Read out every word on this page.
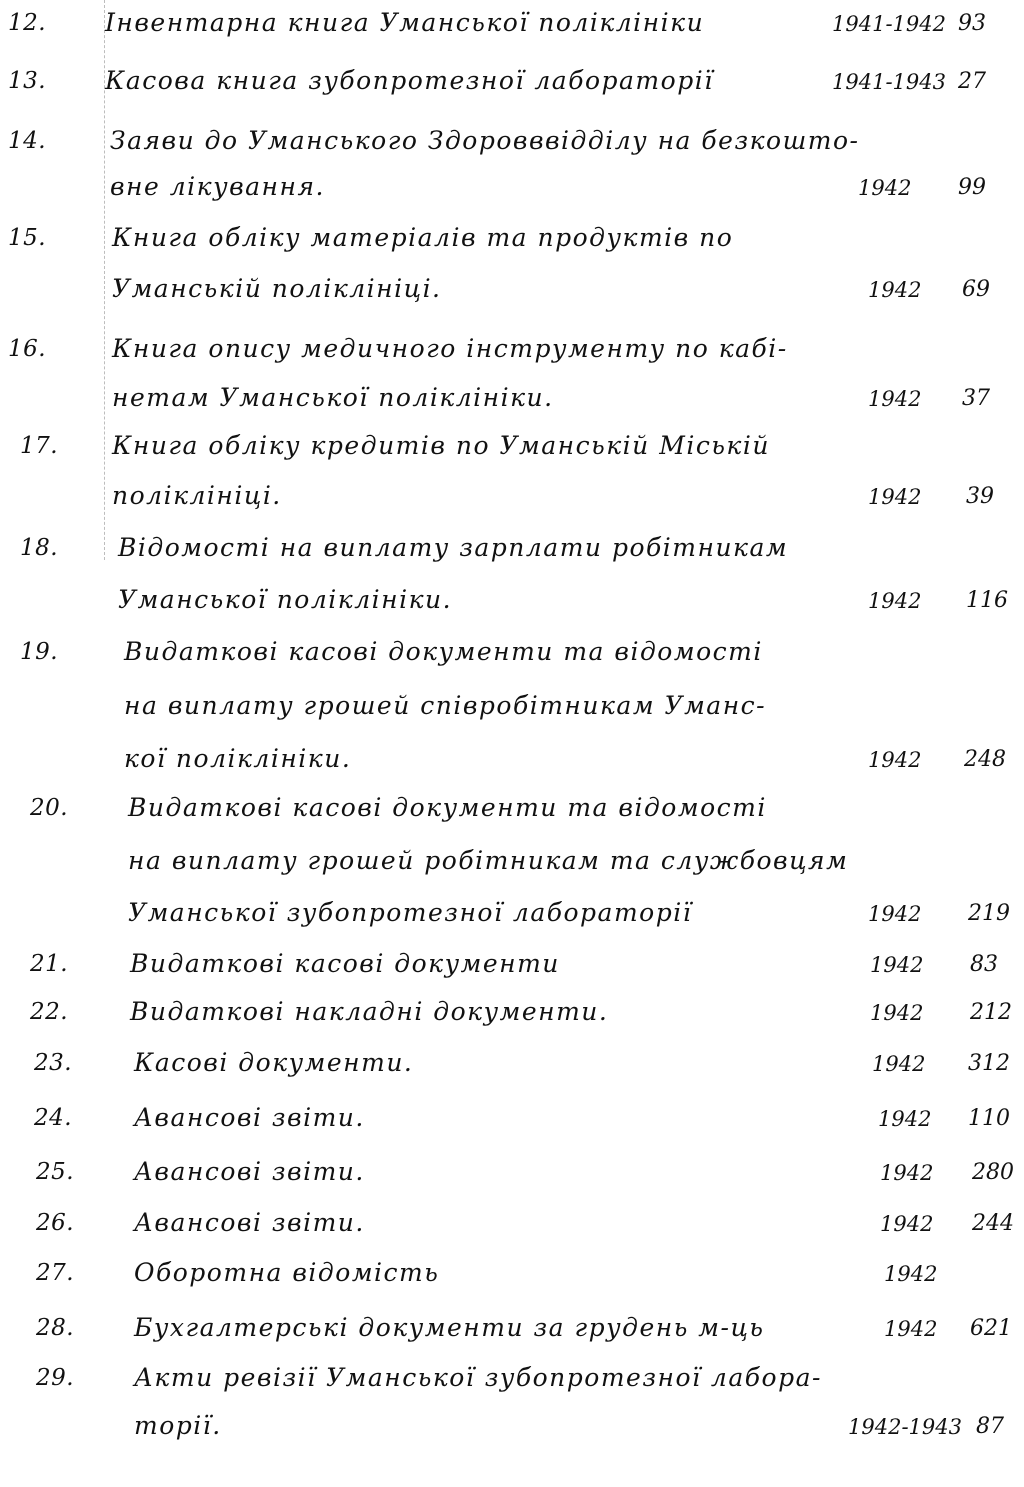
12. Інвентарна книга Уманської поліклініки	1941-1942 93
13. Касова книга зубопротезної лабораторії	1941-1943 27
14.	Заяви до Уманського Здоровввідділу на безкошто-
вне лікування.	1942 99
15.	Книга обліку матеріалів та продуктів по
Уманській поліклініці.	1942 69
16.	Книга опису медичного інструменту по кабі-
нетам Уманської поліклініки.	1942 37
17. Книга обліку кредитів по Уманській Міській
поліклініці.	1942 39
18. Відомості на виплату зарплати робітникам
Уманської поліклініки.	1942 116
19.	Видаткові касові документи та відомості
на виплату грошей співробітникам Уманс-
кої поліклініки.	1942 248
20. Видаткові касові документи та відомості
на виплату грошей робітникам та службовцям
Уманської зубопротезної лабораторії	1942 219
21. Видаткові касові документи	1942 83
22. Видаткові накладні документи.	1942 212
23. Касові документи.	1942 312
24. Авансові звіти.	1942 110
25. Авансові звіти.	1942 280
26. Авансові звіти.	1942 244
27. Оборотна відомість	1942
28. Бухгалтерські документи за грудень м-ць	1942 621
29. Акти ревізії Уманської зубопротезної лабора-
торії.	1942-1943 87
